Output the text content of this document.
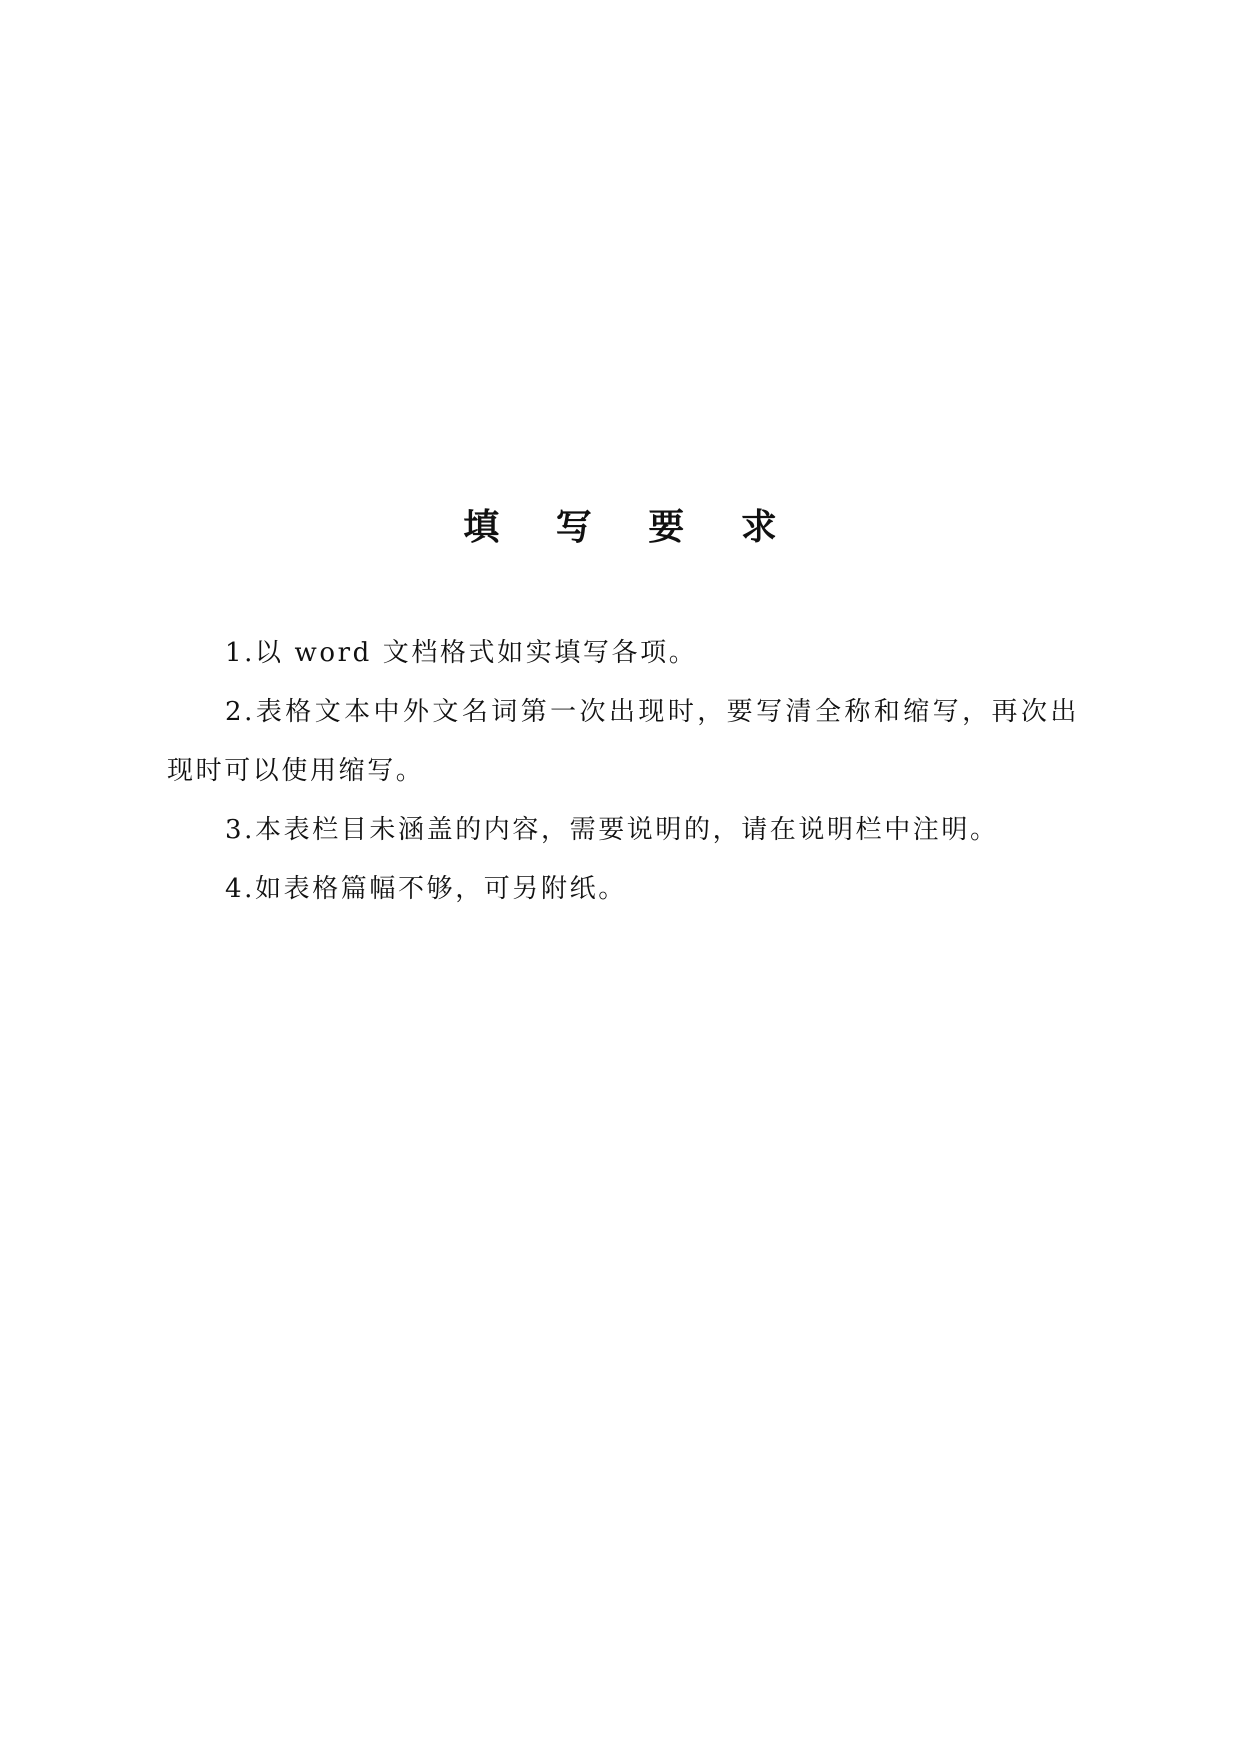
填 写 要 求

1.以 word 文档格式如实填写各项。

2.表格文本中外文名词第一次出现时，要写清全称和缩写，再次出现时可以使用缩写。

3.本表栏目未涵盖的内容，需要说明的，请在说明栏中注明。

4.如表格篇幅不够，可另附纸。
